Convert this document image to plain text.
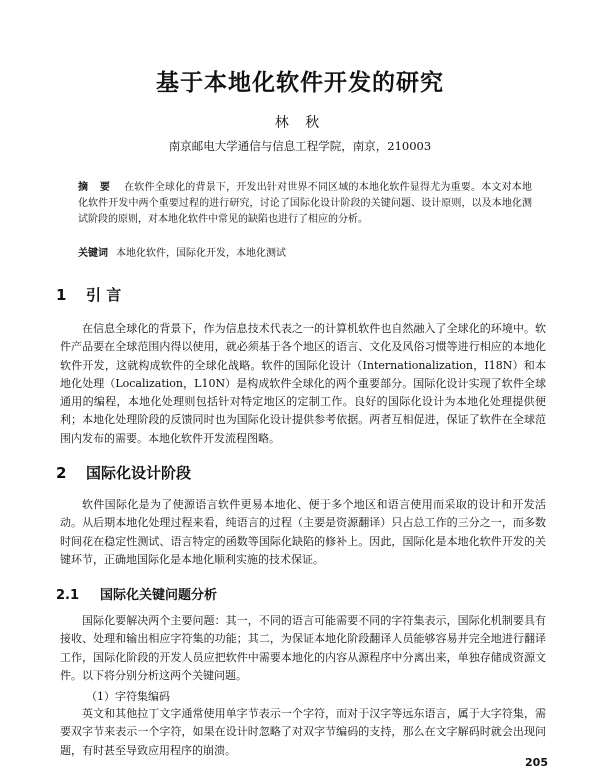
基于本地化软件开发的研究
林 秋
南京邮电大学通信与信息工程学院，南京，210003
摘 要 在软件全球化的背景下，开发出针对世界不同区域的本地化软件显得尤为重要。本文对本地化软件开发中两个重要过程的进行研究，讨论了国际化设计阶段的关键问题、设计原则，以及本地化测试阶段的原则，对本地化软件中常见的缺陷也进行了相应的分析。
关键词 本地化软件，国际化开发，本地化测试
1 引 言
在信息全球化的背景下，作为信息技术代表之一的计算机软件也自然融入了全球化的环境中。软件产品要在全球范围内得以使用，就必须基于各个地区的语言、文化及风俗习惯等进行相应的本地化软件开发，这就构成软件的全球化战略。软件的国际化设计（Internationalization，I18N）和本地化处理（Localization，L10N）是构成软件全球化的两个重要部分。国际化设计实现了软件全球通用的编程，本地化处理则包括针对特定地区的定制工作。良好的国际化设计为本地化处理提供便利；本地化处理阶段的反馈同时也为国际化设计提供参考依据。两者互相促进，保证了软件在全球范围内发布的需要。本地化软件开发流程图略。
2 国际化设计阶段
软件国际化是为了使源语言软件更易本地化、便于多个地区和语言使用而采取的设计和开发活动。从后期本地化处理过程来看，纯语言的过程（主要是资源翻译）只占总工作的三分之一，而多数时间花在稳定性测试、语言特定的函数等国际化缺陷的修补上。因此，国际化是本地化软件开发的关键环节，正确地国际化是本地化顺利实施的技术保证。
2.1 国际化关键问题分析
国际化要解决两个主要问题：其一，不同的语言可能需要不同的字符集表示，国际化机制要具有接收、处理和输出相应字符集的功能；其二，为保证本地化阶段翻译人员能够容易并完全地进行翻译工作，国际化阶段的开发人员应把软件中需要本地化的内容从源程序中分离出来，单独存储成资源文件。以下将分别分析这两个关键问题。
（1）字符集编码
英文和其他拉丁文字通常使用单字节表示一个字符，而对于汉字等远东语言，属于大字符集，需要双字节来表示一个字符，如果在设计时忽略了对双字节编码的支持，那么在文字解码时就会出现问题，有时甚至导致应用程序的崩溃。
205
